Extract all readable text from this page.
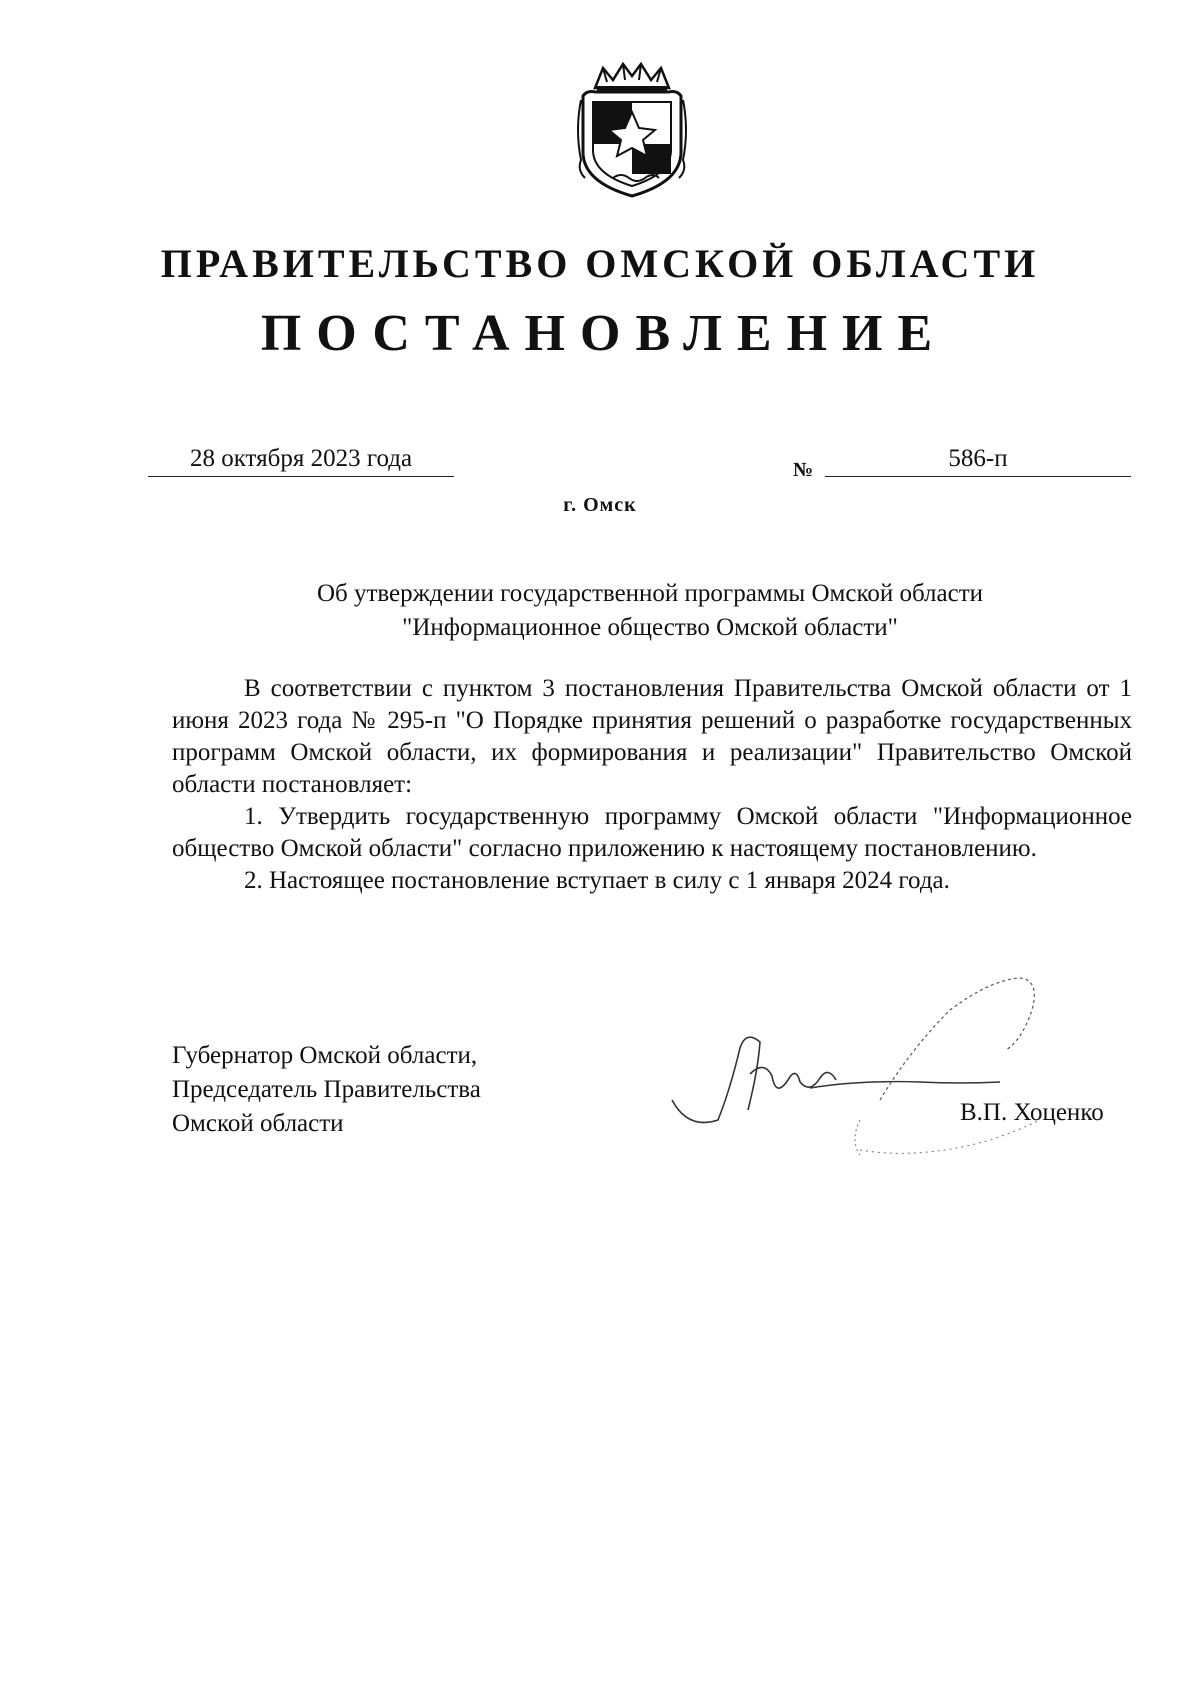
ПРАВИТЕЛЬСТВО ОМСКОЙ ОБЛАСТИ
ПОСТАНОВЛЕНИЕ
28 октября 2023 года	№	586-п
г. Омск
Об утверждении государственной программы Омской области
"Информационное общество Омской области"

В соответствии с пунктом 3 постановления Правительства Омской области от 1 июня 2023 года № 295-п "О Порядке принятия решений о разработке государственных программ Омской области, их формирования и реализации" Правительство Омской области постановляет:

1. Утвердить государственную программу Омской области "Информационное общество Омской области" согласно приложению к настоящему постановлению.

2. Настоящее постановление вступает в силу с 1 января 2024 года.

Губернатор Омской области,
Председатель Правительства
Омской области	В.П. Хоценко
